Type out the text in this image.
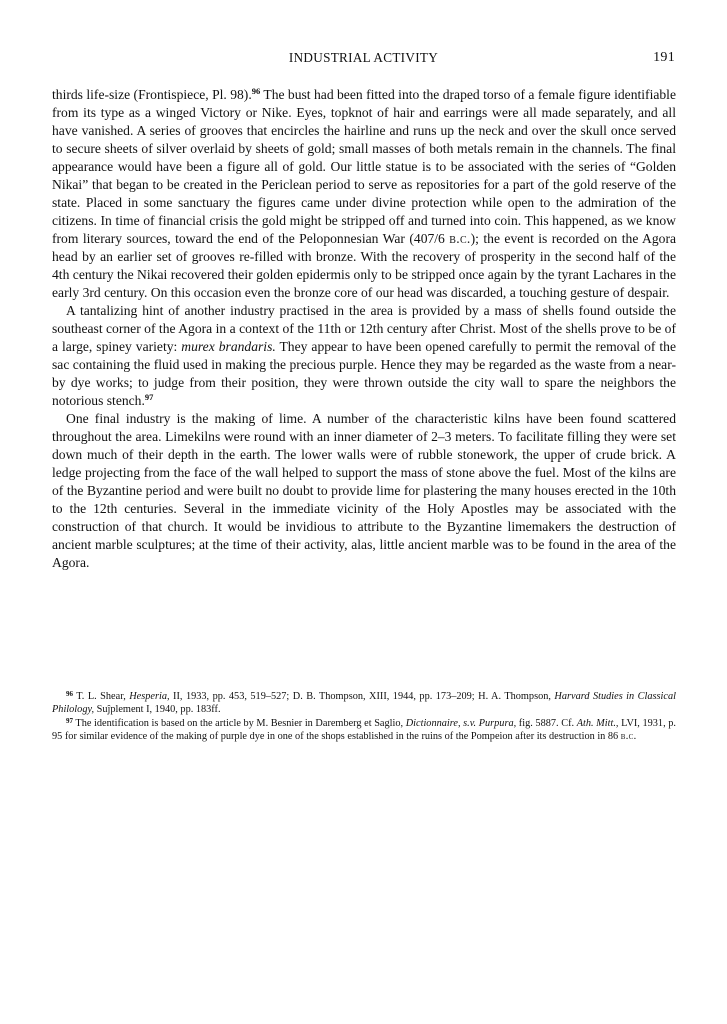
INDUSTRIAL ACTIVITY	191

thirds life-size (Frontispiece, Pl. 98).$^{96}$ The bust had been fitted into the draped torso of a female figure identifiable from its type as a winged Victory or Nike. Eyes, topknot of hair and earrings were all made separately, and all have vanished. A series of grooves that encircles the hairline and runs up the neck and over the skull once served to secure sheets of silver overlaid by sheets of gold; small masses of both metals remain in the channels. The final appearance would have been a figure all of gold. Our little statue is to be associated with the series of “Golden Nikai” that began to be created in the Periclean period to serve as repositories for a part of the gold reserve of the state. Placed in some sanctuary the figures came under divine protection while open to the admiration of the citizens. In time of financial crisis the gold might be stripped off and turned into coin. This happened, as we know from literary sources, toward the end of the Peloponnesian War (407/6 b.c.); the event is recorded on the Agora head by an earlier set of grooves re-filled with bronze. With the recovery of prosperity in the second half of the 4th century the Nikai recovered their golden epidermis only to be stripped once again by the tyrant Lachares in the early 3rd century. On this occasion even the bronze core of our head was discarded, a touching gesture of despair.

A tantalizing hint of another industry practised in the area is provided by a mass of shells found outside the southeast corner of the Agora in a context of the 11th or 12th century after Christ. Most of the shells prove to be of a large, spiney variety: murex brandaris. They appear to have been opened carefully to permit the removal of the sac containing the fluid used in making the precious purple. Hence they may be regarded as the waste from a near-by dye works; to judge from their position, they were thrown outside the city wall to spare the neighbors the notorious stench.$^{97}$

One final industry is the making of lime. A number of the characteristic kilns have been found scattered throughout the area. Limekilns were round with an inner diameter of 2–3 meters. To facilitate filling they were set down much of their depth in the earth. The lower walls were of rubble stonework, the upper of crude brick. A ledge projecting from the face of the wall helped to support the mass of stone above the fuel. Most of the kilns are of the Byzantine period and were built no doubt to provide lime for plastering the many houses erected in the 10th to the 12th centuries. Several in the immediate vicinity of the Holy Apostles may be associated with the construction of that church. It would be invidious to attribute to the Byzantine limemakers the destruction of ancient marble sculptures; at the time of their activity, alas, little ancient marble was to be found in the area of the Agora.

$^{96}$ T. L. Shear, Hesperia, II, 1933, pp. 453, 519–527; D. B. Thompson, XIII, 1944, pp. 173–209; H. A. Thompson, Harvard Studies in Classical Philology, Suĵplement I, 1940, pp. 183ff.

$^{97}$ The identification is based on the article by M. Besnier in Daremberg et Saglio, Dictionnaire, s.v. Purpura, fig. 5887. Cf. Ath. Mitt., LVI, 1931, p. 95 for similar evidence of the making of purple dye in one of the shops established in the ruins of the Pompeion after its destruction in 86 b.c.
